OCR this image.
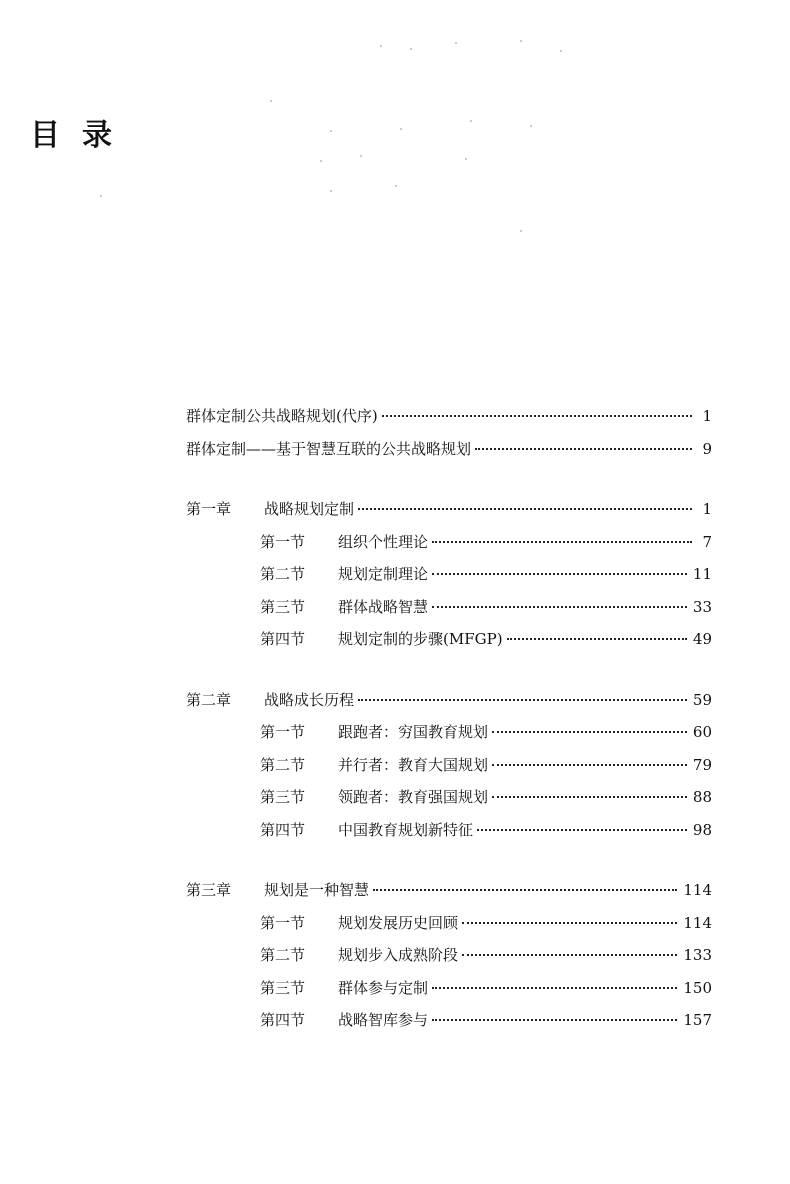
目录
群体定制公共战略规划(代序)	1
群体定制——基于智慧互联的公共战略规划	9
第一章	战略规划定制	1
第一节	组织个性理论	7
第二节	规划定制理论	11
第三节	群体战略智慧	33
第四节	规划定制的步骤(MFGP)	49
第二章	战略成长历程	59
第一节	跟跑者：穷国教育规划	60
第二节	并行者：教育大国规划	79
第三节	领跑者：教育强国规划	88
第四节	中国教育规划新特征	98
第三章	规划是一种智慧	114
第一节	规划发展历史回顾	114
第二节	规划步入成熟阶段	133
第三节	群体参与定制	150
第四节	战略智库参与	157
